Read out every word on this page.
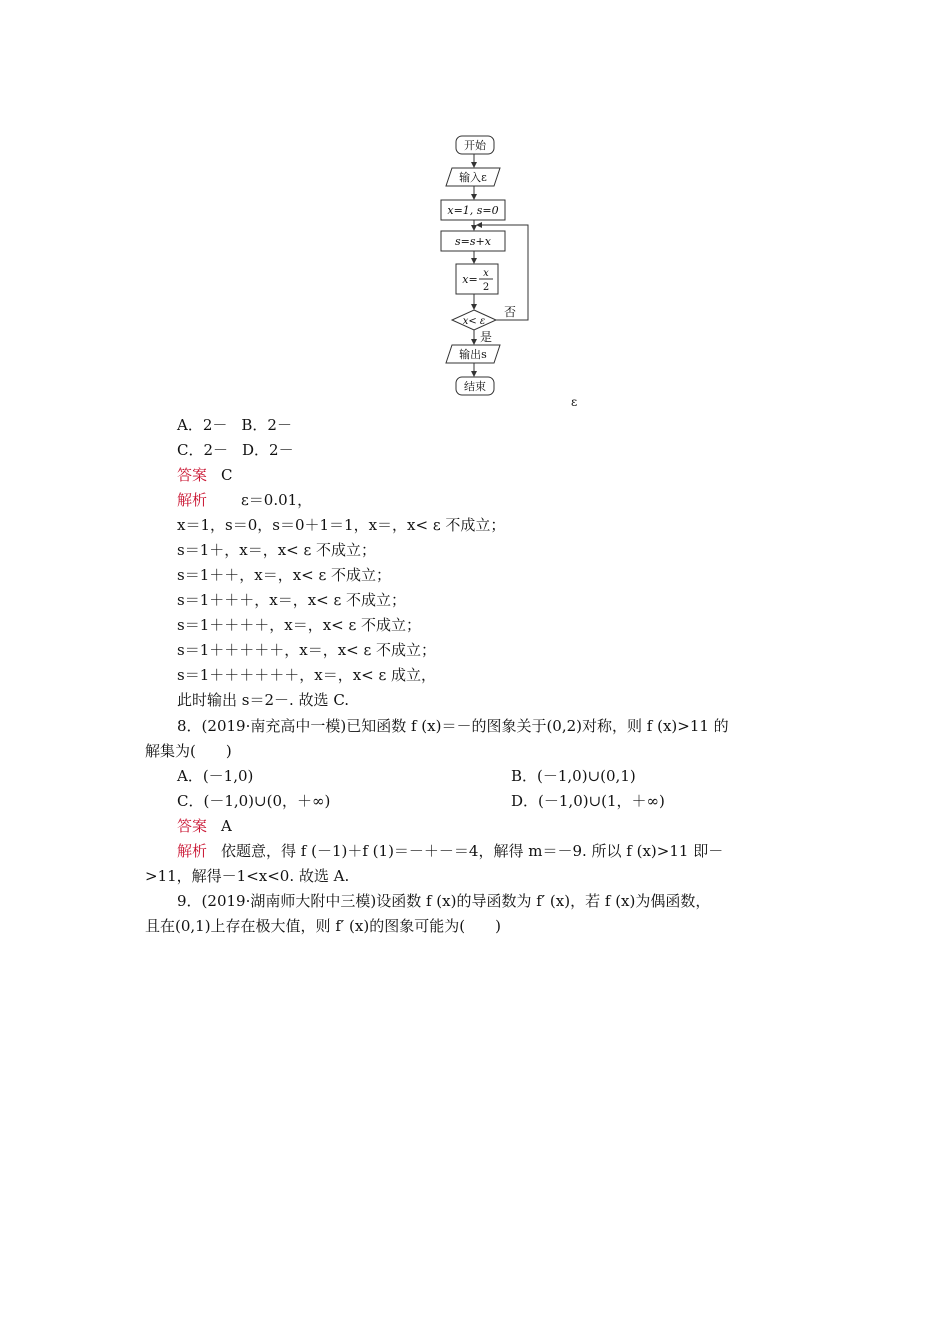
开始
输入ε
x=1, s=0
s=s+x
x= x
2
x< ε
否
是
输出s
结束
ε
A．2－ B．2－
C．2－ D．2－
答案 C
解析 ε＝0.01，
x＝1，s＝0，s＝0＋1＝1，x＝，x< ε 不成立；
s＝1＋，x＝，x< ε 不成立；
s＝1＋＋，x＝，x< ε 不成立；
s＝1＋＋＋，x＝，x< ε 不成立；
s＝1＋＋＋＋，x＝，x< ε 不成立；
s＝1＋＋＋＋＋，x＝，x< ε 不成立；
s＝1＋＋＋＋＋＋，x＝，x< ε 成立，
此时输出 s＝2－. 故选 C.
8．(2019·南充高中一模)已知函数 f (x)＝－的图象关于(0,2)对称，则 f (x)>11 的
解集为(　　)
A．(－1,0)	B．(－1,0)∪(0,1)
C．(－1,0)∪(0，＋∞)	D．(－1,0)∪(1，＋∞)
答案 A
解析 依题意，得 f (－1)＋f (1)＝－＋－＝4，解得 m＝－9. 所以 f (x)>11 即－
>11，解得－1<x<0. 故选 A.
9．(2019·湖南师大附中三模)设函数 f (x)的导函数为 f′ (x)，若 f (x)为偶函数，
且在(0,1)上存在极大值，则 f′ (x)的图象可能为(　　)
